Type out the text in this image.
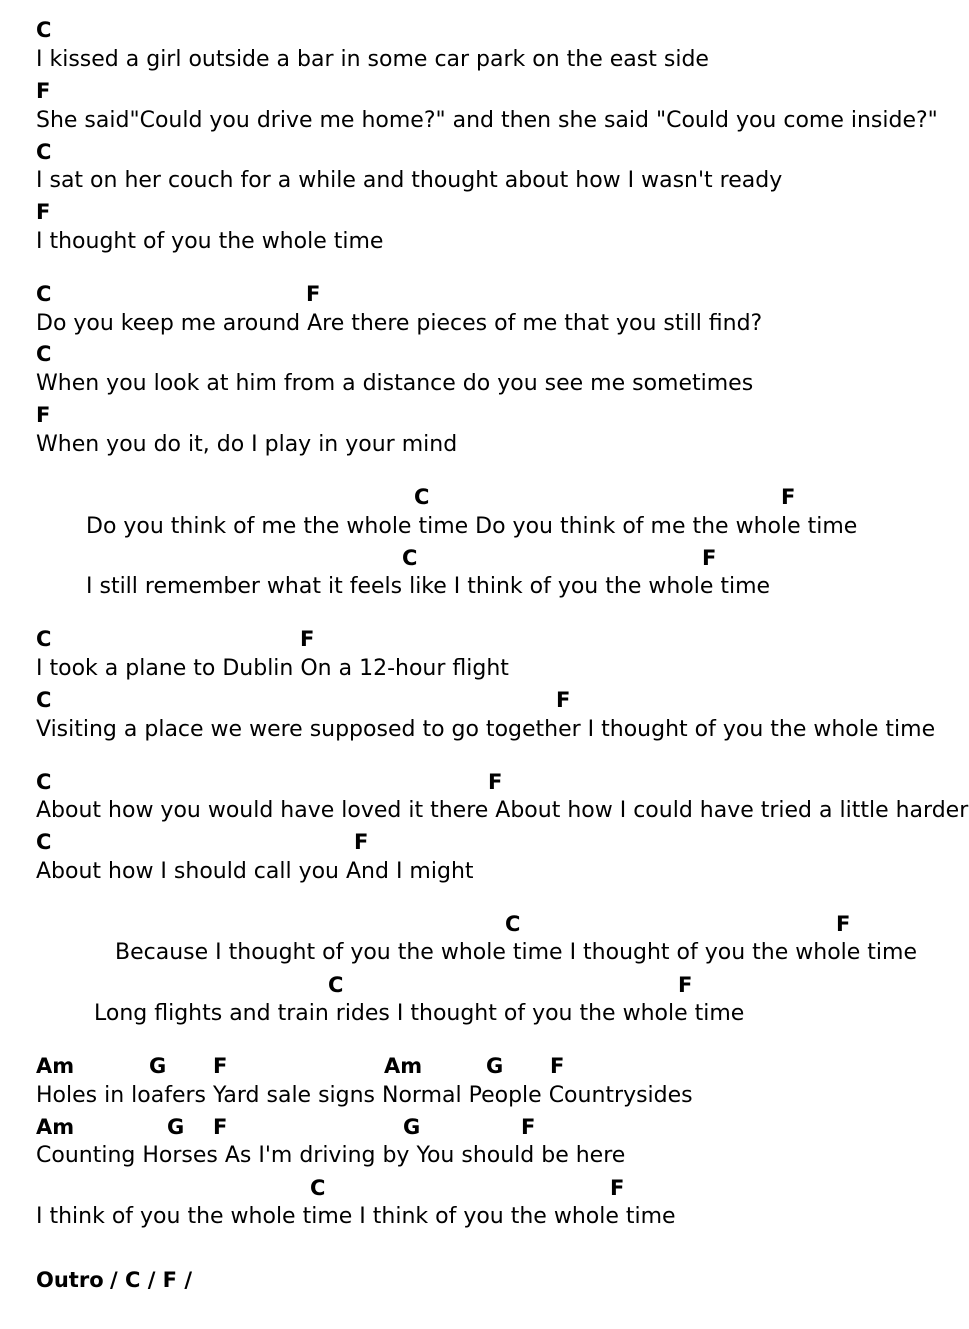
C
I kissed a girl outside a bar in some car park on the east side
F
She said"Could you drive me home?" and then she said "Could you come inside?"
C
I sat on her couch for a while and thought about how I wasn't ready
F
I thought of you the whole time
C	F
Do you keep me around Are there pieces of me that you still find?
C
When you look at him from a distance do you see me sometimes
F
When you do it, do I play in your mind
C	F
Do you think of me the whole time Do you think of me the whole time
C	F
I still remember what it feels like I think of you the whole time
C	F
I took a plane to Dublin On a 12-hour flight
C	F
Visiting a place we were supposed to go together I thought of you the whole time
C	F
About how you would have loved it there About how I could have tried a little harder
C	F
About how I should call you And I might
C	F
Because I thought of you the whole time I thought of you the whole time
C	F
Long flights and train rides I thought of you the whole time
Am	G F	Am	G F
Holes in loafers Yard sale signs Normal People Countrysides
Am	G F	G	F
Counting Horses As I'm driving by You should be here
C	F
I think of you the whole time I think of you the whole time
Outro / C / F /
